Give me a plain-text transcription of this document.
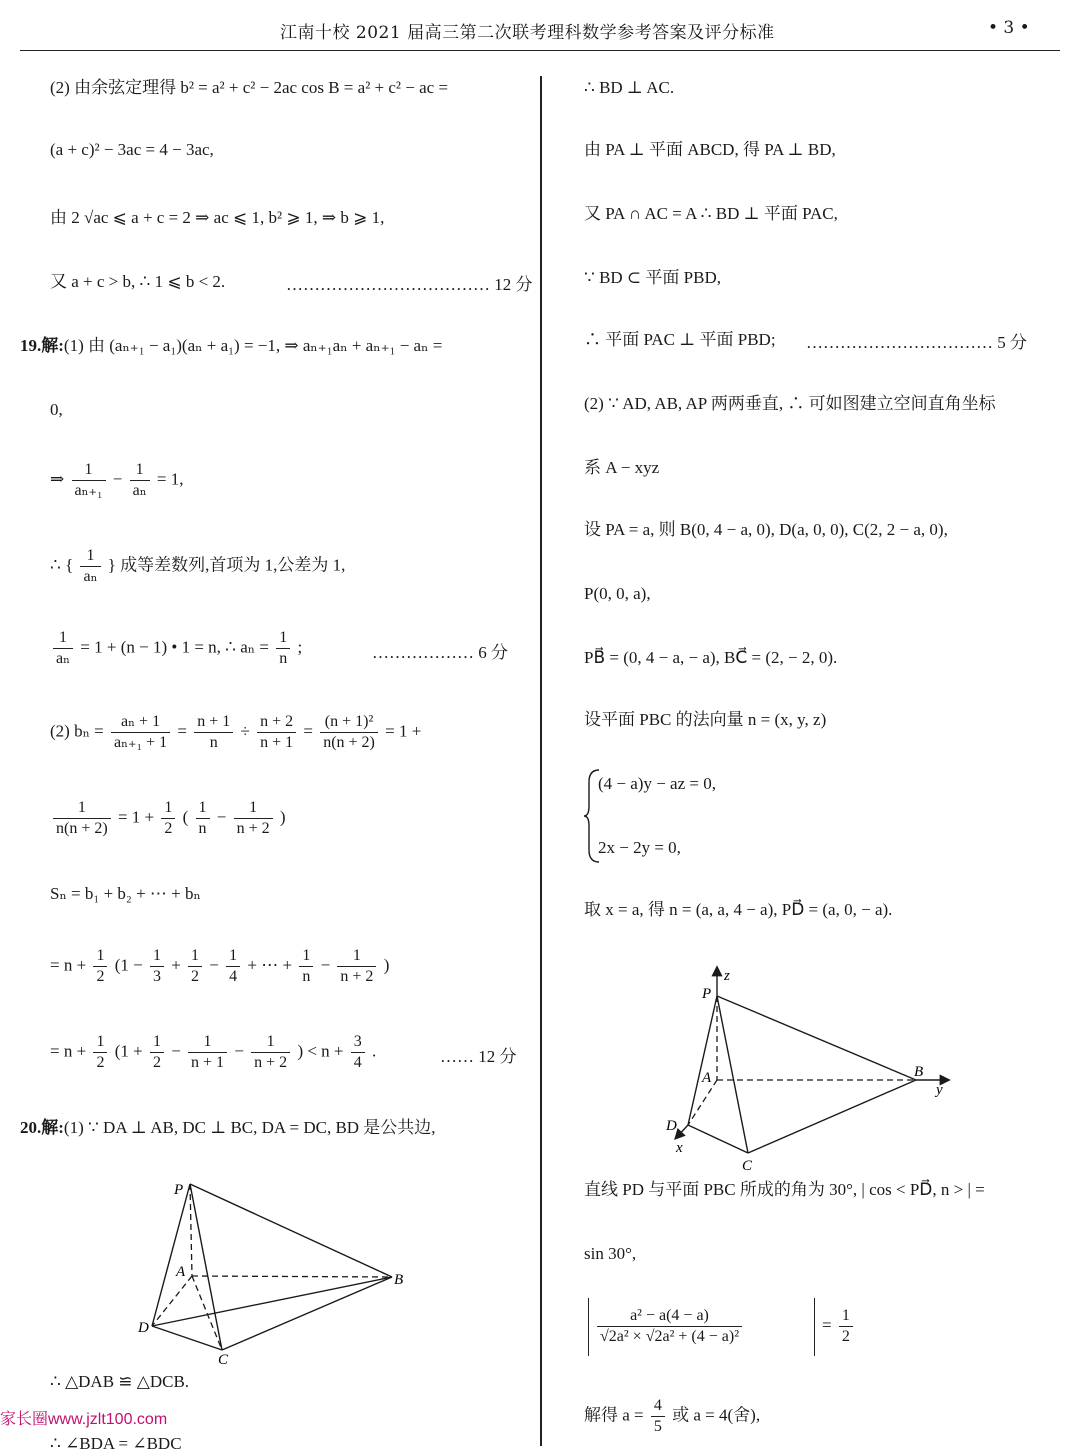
江南十校 2021 届高三第二次联考理科数学参考答案及评分标准	• 3 •
(2) 由余弦定理得 b² = a² + c² − 2ac cos B = a² + c² − ac =
(a + c)² − 3ac = 4 − 3ac,
由 2 √ac ⩽ a + c = 2 ⇒ ac ⩽ 1, b² ⩾ 1, ⇒ b ⩾ 1,
又 a + c > b, ∴ 1 ⩽ b < 2.	……………………………… 12 分
19.解:(1) 由 (aₙ₊₁ − a₁)(aₙ + a₁) = −1, ⇒ aₙ₊₁aₙ + aₙ₊₁ − aₙ =
0,
⇒ $\frac{1}{\text{aₙ₊₁}} - \frac{1}{\text{aₙ}} = 1$,
∴ { $\frac{1}{\text{aₙ}}$ } 成等差数列,首项为 1,公差为 1,
$\frac{1}{\text{aₙ}} = 1 + (n - 1)$ • 1 = n, ∴ $a_n = \frac{1}{n}$ ;	……………… 6 分
(2) $b_n = \frac{\text{aₙ + 1}}{\text{aₙ₊₁ + 1}} = \frac{n + 1}{n} \div \frac{n + 2}{n + 1} = \frac{\text{(n + 1)²}}{n(n + 2)} = 1$ +
$\frac{1}{n(n + 2)} = 1 + \frac{1}{2}$ ( $\frac{1}{n} - \frac{1}{n + 2}$ )
Sₙ = b₁ + b₂ + ⋯ + bₙ
= $n + \frac{1}{2} (1 - \frac{1}{3} + \frac{1}{2} - \frac{1}{4}$ + ⋯ + $\frac{1}{n} - \frac{1}{n + 2}$ )
= $n + \frac{1}{2} (1 + \frac{1}{2} - \frac{1}{n + 1} - \frac{1}{n + 2}$ ) < $n + \frac{3}{4}$ .	…… 12 分
20.解:(1) ∵ DA ⊥ AB, DC ⊥ BC, DA = DC, BD 是公共边,
P
A	B
C
D
∴ △DAB ≌ △DCB.
∴ ∠BDA = ∠BDC
∴ BD ⊥ AC.
由 PA ⊥ 平面 ABCD, 得 PA ⊥ BD,
又 PA ∩ AC = A ∴ BD ⊥ 平面 PAC,
∵ BD ⊂ 平面 PBD,
∴ 平面 PAC ⊥ 平面 PBD; …………………………… 5 分
(2) ∵ AD, AB, AP 两两垂直, ∴ 可如图建立空间直角坐标
系 A − xyz
设 PA = a, 则 B(0, 4 − a, 0), D(a, 0, 0), C(2, 2 − a, 0),
P(0, 0, a),
PB⃗ = (0, 4 − a, − a), BC⃗ = (2, − 2, 0).
设平面 PBC 的法向量 n = (x, y, z)
(4 − a)y − az = 0,
2x − 2y = 0,
取 x = a, 得 n = (a, a, 4 − a), PD⃗ = (a, 0, − a).
z
P
A	B
y
D
x
C
直线 PD 与平面 PBC 所成的角为 30°, | cos < PD⃗, n > | =
sin 30°,
$\frac{\text{a² − a(4 − a)}}{\text{√2a² × √2a² + (4 − a)²}}$	= $\frac{1}{2}$
解得 $a = \frac{4}{5}$ 或 a = 4(舍),
家长圈www.jzlt100.com
